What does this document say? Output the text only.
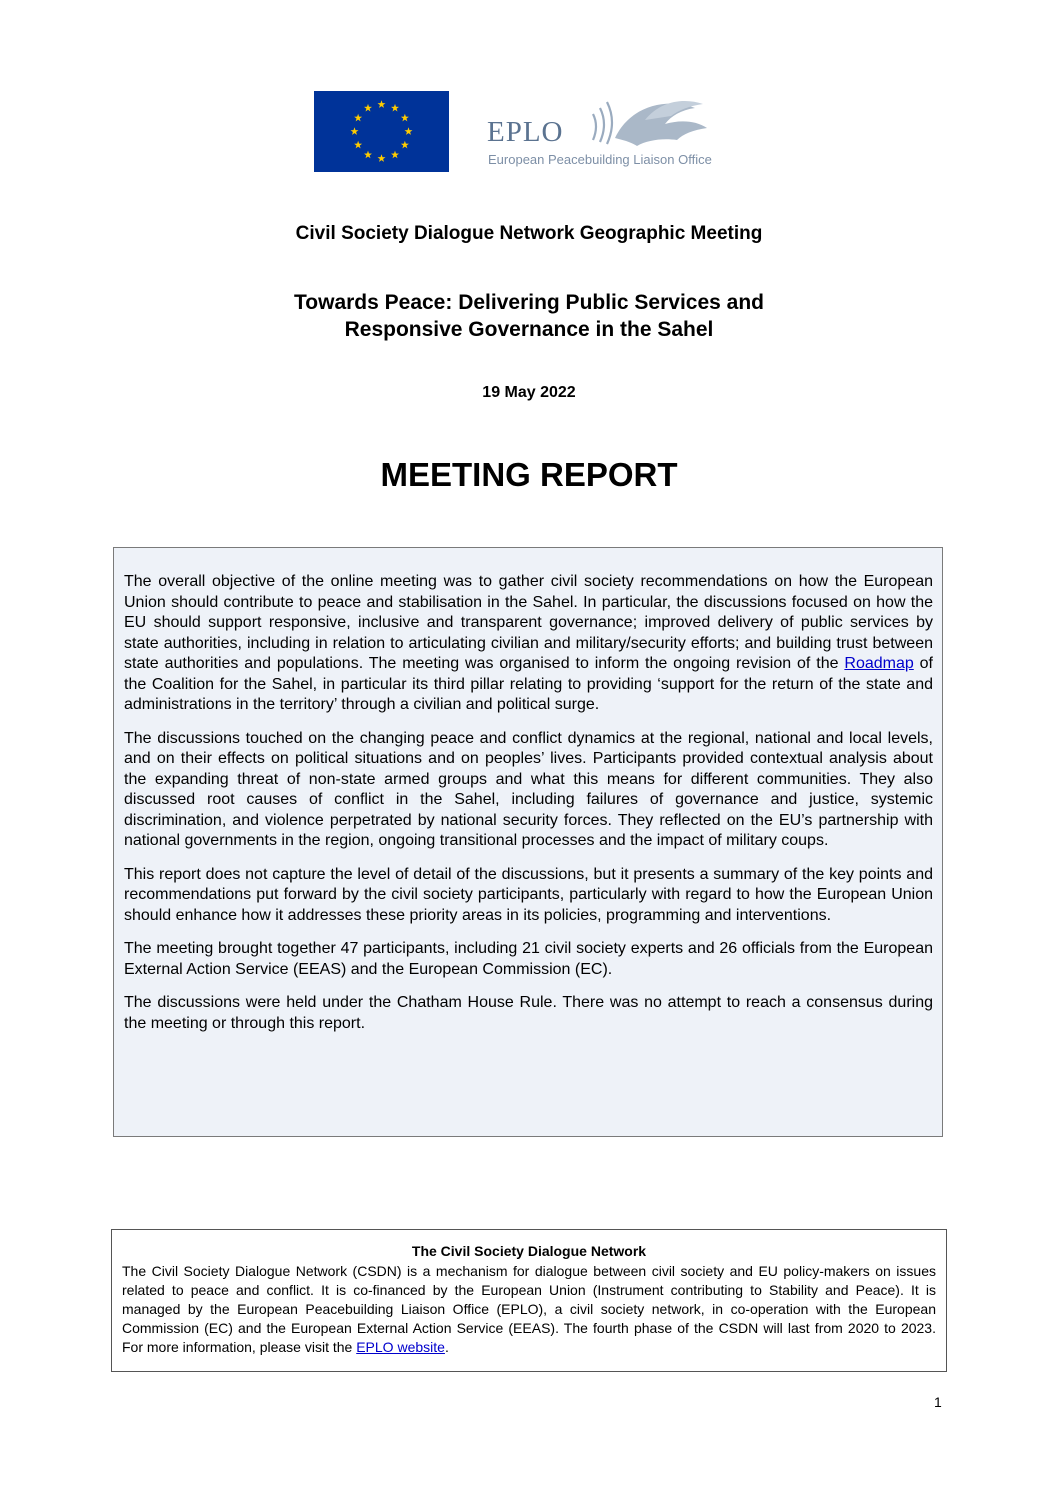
EPLO
European Peacebuilding Liaison Office
Civil Society Dialogue Network Geographic Meeting
Towards Peace: Delivering Public Services and
Responsive Governance in the Sahel
19 May 2022
MEETING REPORT

The overall objective of the online meeting was to gather civil society recommendations on how the European Union should contribute to peace and stabilisation in the Sahel. In particular, the discussions focused on how the EU should support responsive, inclusive and transparent governance; improved delivery of public services by state authorities, including in relation to articulating civilian and military/security efforts; and building trust between state authorities and populations. The meeting was organised to inform the ongoing revision of the Roadmap of the Coalition for the Sahel, in particular its third pillar relating to providing ‘support for the return of the state and administrations in the territory’ through a civilian and political surge.

The discussions touched on the changing peace and conflict dynamics at the regional, national and local levels, and on their effects on political situations and on peoples’ lives. Participants provided contextual analysis about the expanding threat of non-state armed groups and what this means for different communities. They also discussed root causes of conflict in the Sahel, including failures of governance and justice, systemic discrimination, and violence perpetrated by national security forces. They reflected on the EU’s partnership with national governments in the region, ongoing transitional processes and the impact of military coups.

This report does not capture the level of detail of the discussions, but it presents a summary of the key points and recommendations put forward by the civil society participants, particularly with regard to how the European Union should enhance how it addresses these priority areas in its policies, programming and interventions.

The meeting brought together 47 participants, including 21 civil society experts and 26 officials from the European External Action Service (EEAS) and the European Commission (EC).

The discussions were held under the Chatham House Rule. There was no attempt to reach a consensus during the meeting or through this report.

The Civil Society Dialogue Network

The Civil Society Dialogue Network (CSDN) is a mechanism for dialogue between civil society and EU policy-makers on issues related to peace and conflict. It is co-financed by the European Union (Instrument contributing to Stability and Peace). It is managed by the European Peacebuilding Liaison Office (EPLO), a civil society network, in co-operation with the European Commission (EC) and the European External Action Service (EEAS). The fourth phase of the CSDN will last from 2020 to 2023. For more information, please visit the EPLO website.

1
